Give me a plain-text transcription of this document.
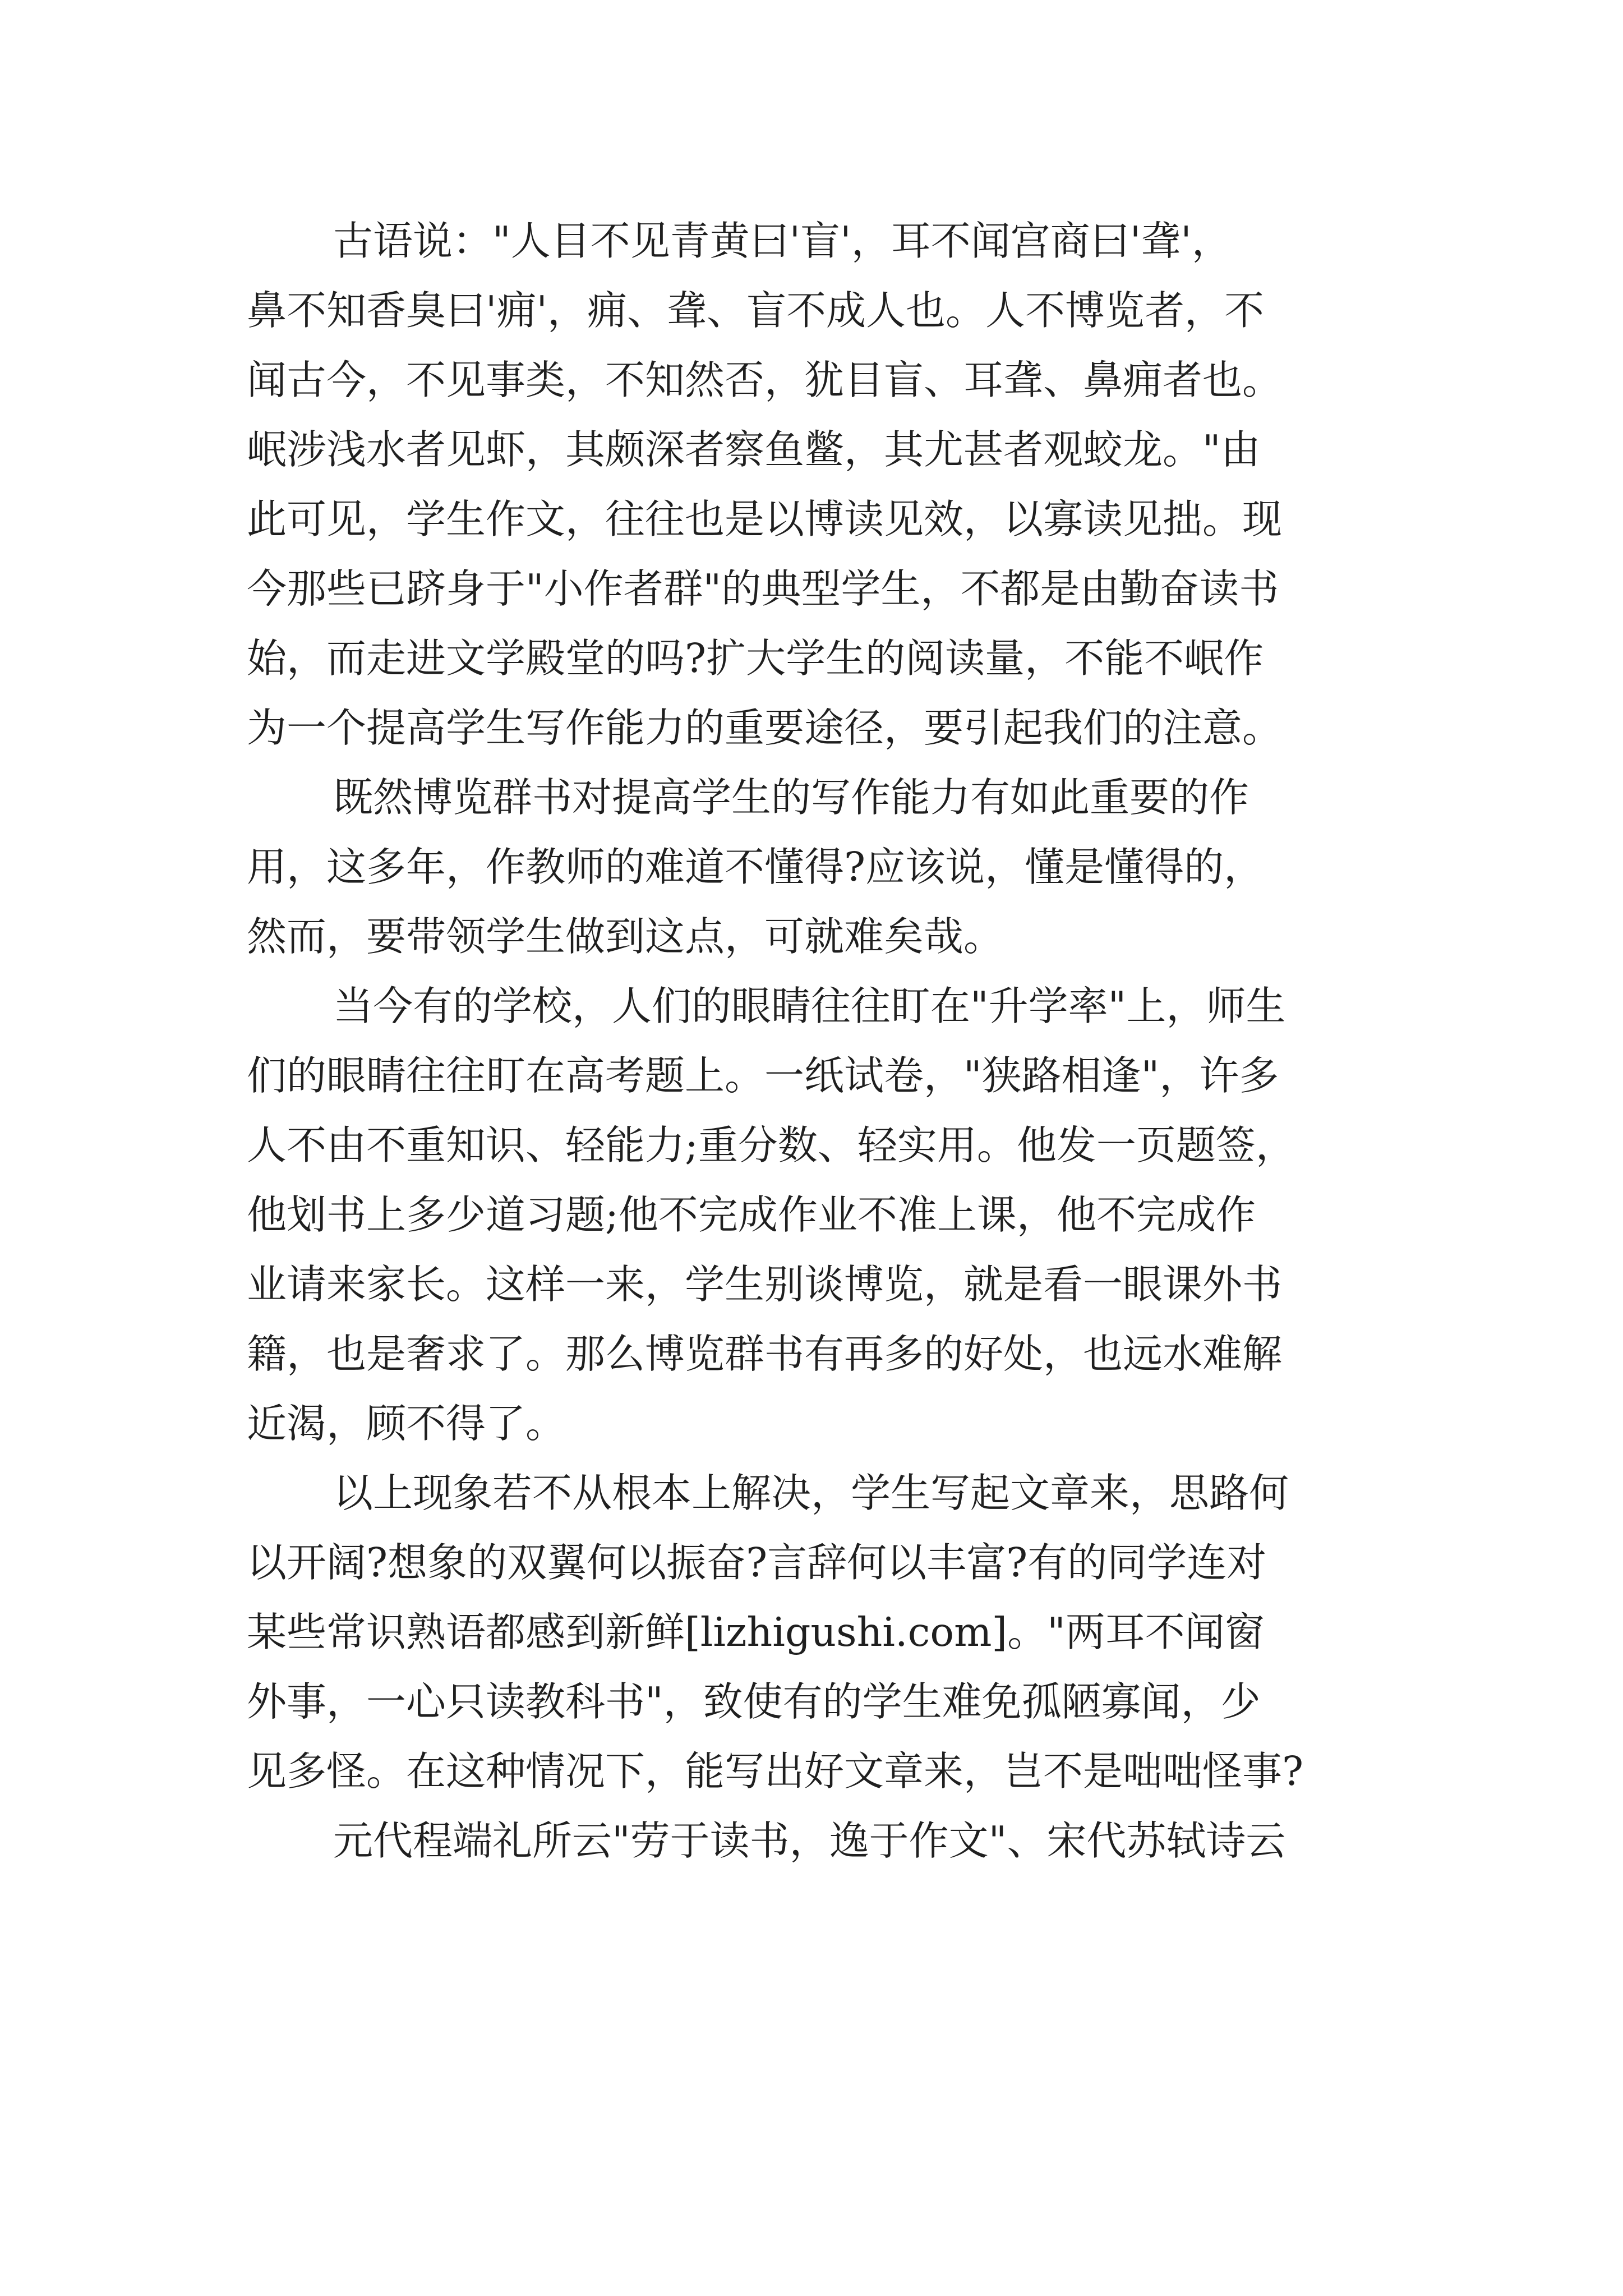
古语说："人目不见青黄曰'盲'，耳不闻宫商曰'聋'，
鼻不知香臭曰'痈'，痈、聋、盲不成人也。人不博览者，不
闻古今，不见事类，不知然否，犹目盲、耳聋、鼻痈者也。
岷涉浅水者见虾，其颇深者察鱼鳖，其尤甚者观蛟龙。"由
此可见，学生作文，往往也是以博读见效，以寡读见拙。现
今那些已跻身于"小作者群"的典型学生，不都是由勤奋读书
始，而走进文学殿堂的吗?扩大学生的阅读量，不能不岷作
为一个提高学生写作能力的重要途径，要引起我们的注意。
既然博览群书对提高学生的写作能力有如此重要的作
用，这多年，作教师的难道不懂得?应该说，懂是懂得的，
然而，要带领学生做到这点，可就难矣哉。
当今有的学校，人们的眼睛往往盯在"升学率"上，师生
们的眼睛往往盯在高考题上。一纸试卷，"狭路相逢"，许多
人不由不重知识、轻能力;重分数、轻实用。他发一页题签，
他划书上多少道习题;他不完成作业不准上课，他不完成作
业请来家长。这样一来，学生别谈博览，就是看一眼课外书
籍，也是奢求了。那么博览群书有再多的好处，也远水难解
近渴，顾不得了。
以上现象若不从根本上解决，学生写起文章来，思路何
以开阔?想象的双翼何以振奋?言辞何以丰富?有的同学连对
某些常识熟语都感到新鲜[lizhigushi.com]。"两耳不闻窗
外事，一心只读教科书"，致使有的学生难免孤陋寡闻，少
见多怪。在这种情况下，能写出好文章来，岂不是咄咄怪事?
元代程端礼所云"劳于读书，逸于作文"、宋代苏轼诗云
